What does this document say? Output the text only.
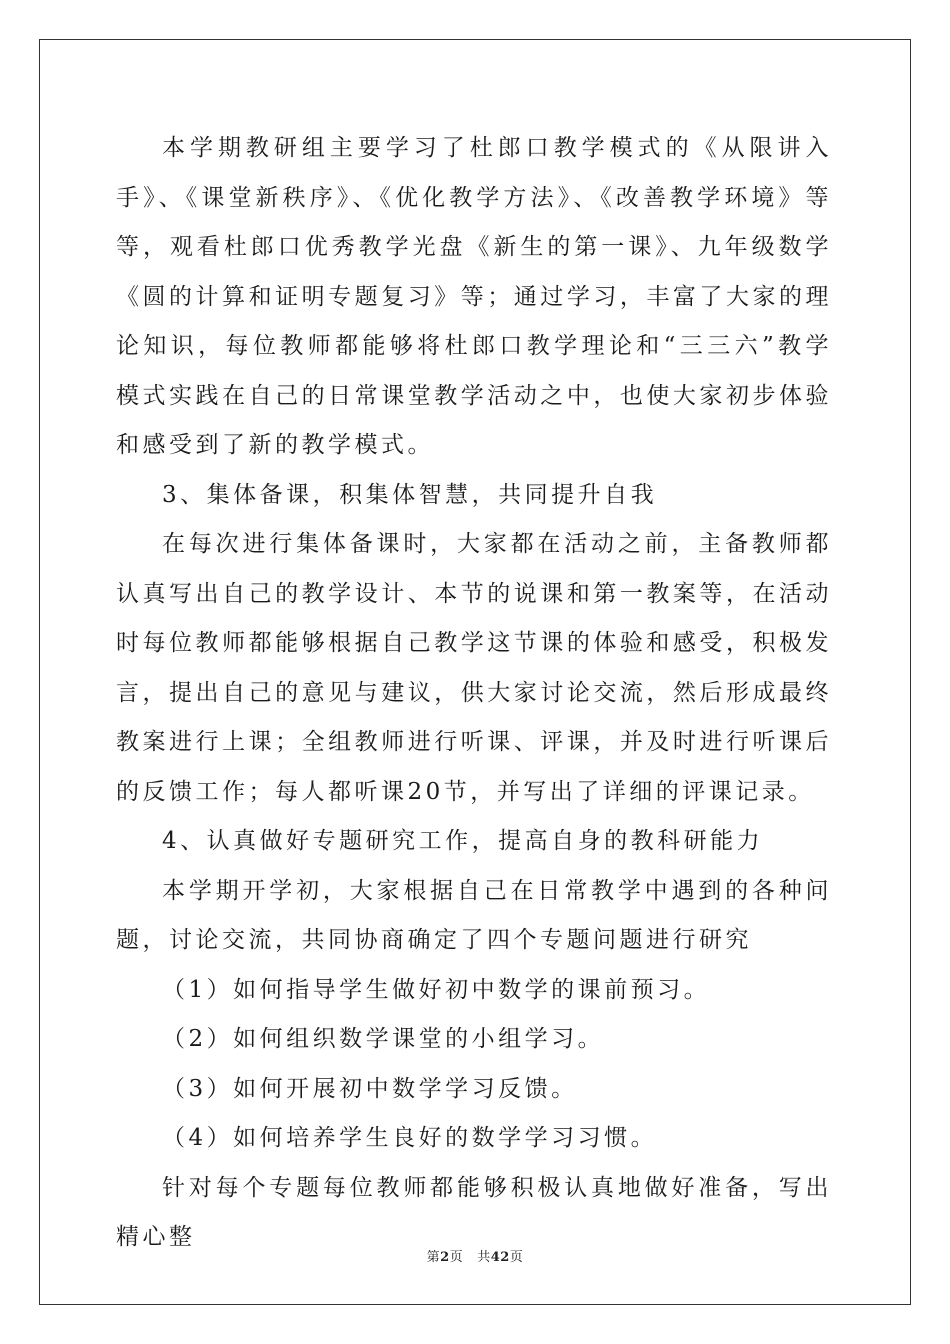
本学期教研组主要学习了杜郎口教学模式的《从限讲入手》、《课堂新秩序》、《优化教学方法》、《改善教学环境》等等，观看杜郎口优秀教学光盘《新生的第一课》、九年级数学《圆的计算和证明专题复习》等；通过学习，丰富了大家的理论知识，每位教师都能够将杜郎口教学理论和“三三六”教学模式实践在自己的日常课堂教学活动之中，也使大家初步体验和感受到了新的教学模式。

3、集体备课，积集体智慧，共同提升自我

在每次进行集体备课时，大家都在活动之前，主备教师都认真写出自己的教学设计、本节的说课和第一教案等，在活动时每位教师都能够根据自己教学这节课的体验和感受，积极发言，提出自己的意见与建议，供大家讨论交流，然后形成最终教案进行上课；全组教师进行听课、评课，并及时进行听课后的反馈工作；每人都听课20节，并写出了详细的评课记录。

4、认真做好专题研究工作，提高自身的教科研能力

本学期开学初，大家根据自己在日常教学中遇到的各种问题，讨论交流，共同协商确定了四个专题问题进行研究

（1）如何指导学生做好初中数学的课前预习。

（2）如何组织数学课堂的小组学习。

（3）如何开展初中数学学习反馈。

（4）如何培养学生良好的数学学习习惯。

针对每个专题每位教师都能够积极认真地做好准备，写出精心整

第2页 共42页
